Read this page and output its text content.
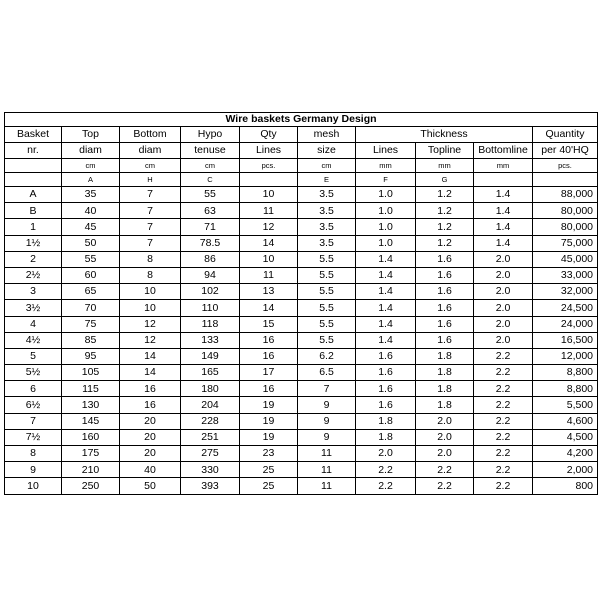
Wire baskets Germany Design									
Basket	Top	Bottom	Hypo	Qty	mesh	Thickness			Quantity
nr.	diam	diam	tenuse	Lines	size	Lines	Topline	Bottomline	per 40'HQ
	cm	cm	cm	pcs.	cm	mm	mm	mm	pcs.
	A	H	C		E	F	G		
A	35	7	55	10	3.5	1.0	1.2	1.4	88,000
B	40	7	63	11	3.5	1.0	1.2	1.4	80,000
1	45	7	71	12	3.5	1.0	1.2	1.4	80,000
1½	50	7	78.5	14	3.5	1.0	1.2	1.4	75,000
2	55	8	86	10	5.5	1.4	1.6	2.0	45,000
2½	60	8	94	11	5.5	1.4	1.6	2.0	33,000
3	65	10	102	13	5.5	1.4	1.6	2.0	32,000
3½	70	10	110	14	5.5	1.4	1.6	2.0	24,500
4	75	12	118	15	5.5	1.4	1.6	2.0	24,000
4½	85	12	133	16	5.5	1.4	1.6	2.0	16,500
5	95	14	149	16	6.2	1.6	1.8	2.2	12,000
5½	105	14	165	17	6.5	1.6	1.8	2.2	8,800
6	115	16	180	16	7	1.6	1.8	2.2	8,800
6½	130	16	204	19	9	1.6	1.8	2.2	5,500
7	145	20	228	19	9	1.8	2.0	2.2	4,600
7½	160	20	251	19	9	1.8	2.0	2.2	4,500
8	175	20	275	23	11	2.0	2.0	2.2	4,200
9	210	40	330	25	11	2.2	2.2	2.2	2,000
10	250	50	393	25	11	2.2	2.2	2.2	800
